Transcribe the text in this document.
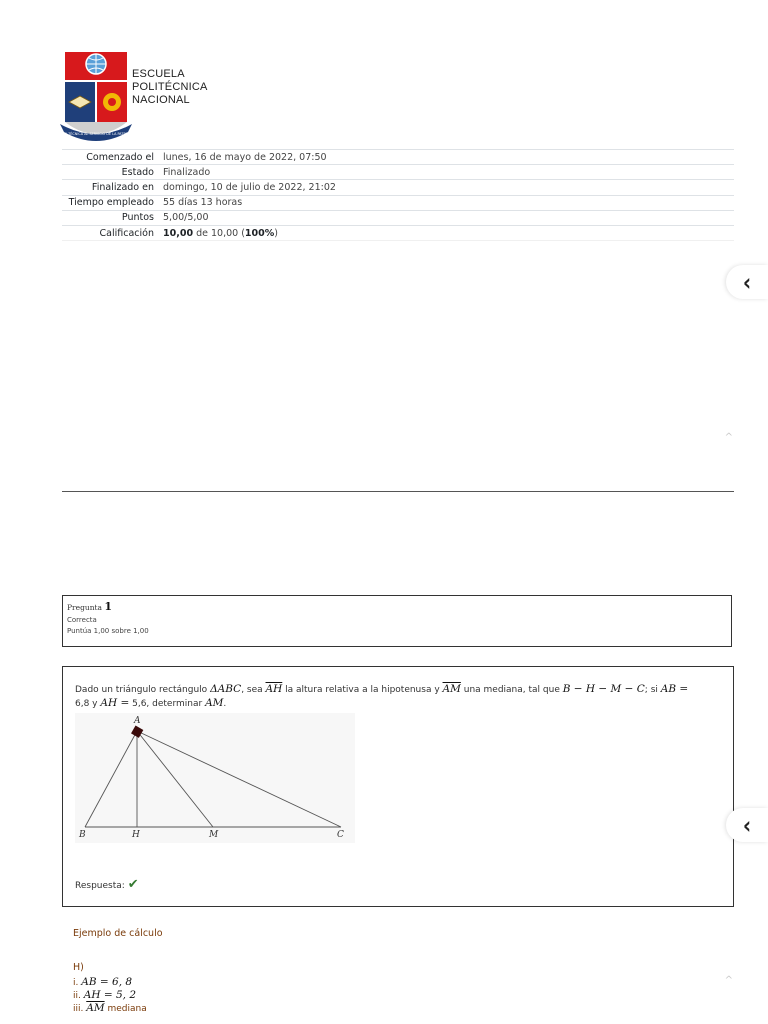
LA TÉCNICA AL SERVICIO DE LA PATRIA
ESCUELA
POLITÉCNICA
NACIONAL
Comenzado el	lunes, 16 de mayo de 2022, 07:50
Estado	Finalizado
Finalizado en	domingo, 10 de julio de 2022, 21:02
Tiempo empleado	55 días 13 horas
Puntos	5,00/5,00
Calificación	10,00 de 10,00 (100%)
‹
^
Pregunta 1
Correcta
Puntúa 1,00 sobre 1,00
Dado un triángulo rectángulo ΔABC, sea $\overline{AH}$ la altura relativa a la hipotenusa y $\overline{AM}$ una mediana, tal que B − H − M − C; si AB =
6,8 y AH = 5,6, determinar AM.
A
B	H	M	C
Respuesta: ✔
‹
Ejemplo de cálculo
H)
i. AB = 6, 8
ii. AH = 5, 2
iii. $\overline{AM}$ mediana
^
